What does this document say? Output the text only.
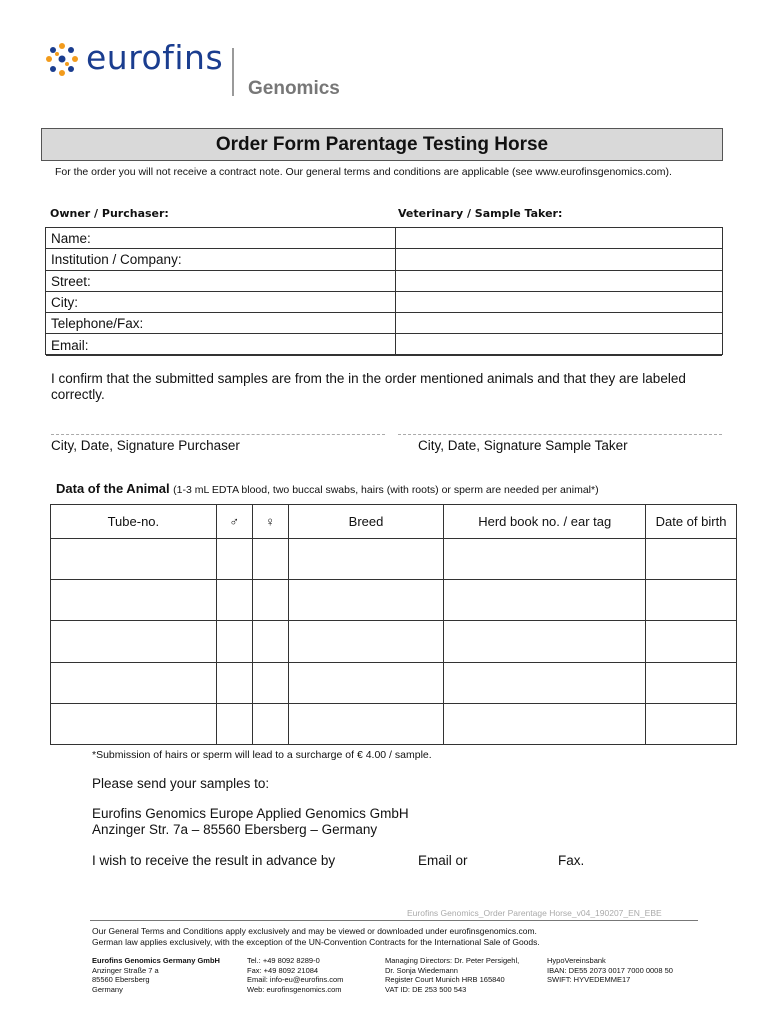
eurofins
Genomics
Order Form Parentage Testing Horse
For the order you will not receive a contract note. Our general terms and conditions are applicable (see www.eurofinsgenomics.com).
Owner / Purchaser:	Veterinary / Sample Taker:
Name:
Institution / Company:
Street:
City:
Telephone/Fax:
Email:
I confirm that the submitted samples are from the in the order mentioned animals and that they are labeled correctly.
City, Date, Signature Purchaser	City, Date, Signature Sample Taker
Data of the Animal (1-3 mL EDTA blood, two buccal swabs, hairs (with roots) or sperm are needed per animal*)
Tube-no.	♂	♀	Breed	Herd book no. / ear tag	Date of birth

*Submission of hairs or sperm will lead to a surcharge of € 4.00 / sample.
Please send your samples to:
Eurofins Genomics Europe Applied Genomics GmbH
Anzinger Str. 7a – 85560 Ebersberg – Germany
I wish to receive the result in advance by	Email or	Fax.
Eurofins Genomics_Order Parentage Horse_v04_190207_EN_EBE
Our General Terms and Conditions apply exclusively and may be viewed or downloaded under eurofinsgenomics.com.
German law applies exclusively, with the exception of the UN-Convention Contracts for the International Sale of Goods.
Eurofins Genomics Germany GmbH
Anzinger Straße 7 a
85560 Ebersberg
Germany
Tel.: +49 8092 8289-0
Fax: +49 8092 21084
Email: info-eu@eurofins.com
Web: eurofinsgenomics.com
Managing Directors: Dr. Peter Persigehl,
Dr. Sonja Wiedemann
Register Court Munich HRB 165840
VAT ID: DE 253 500 543
HypoVereinsbank
IBAN: DE55 2073 0017 7000 0008 50
SWIFT: HYVEDEMME17
